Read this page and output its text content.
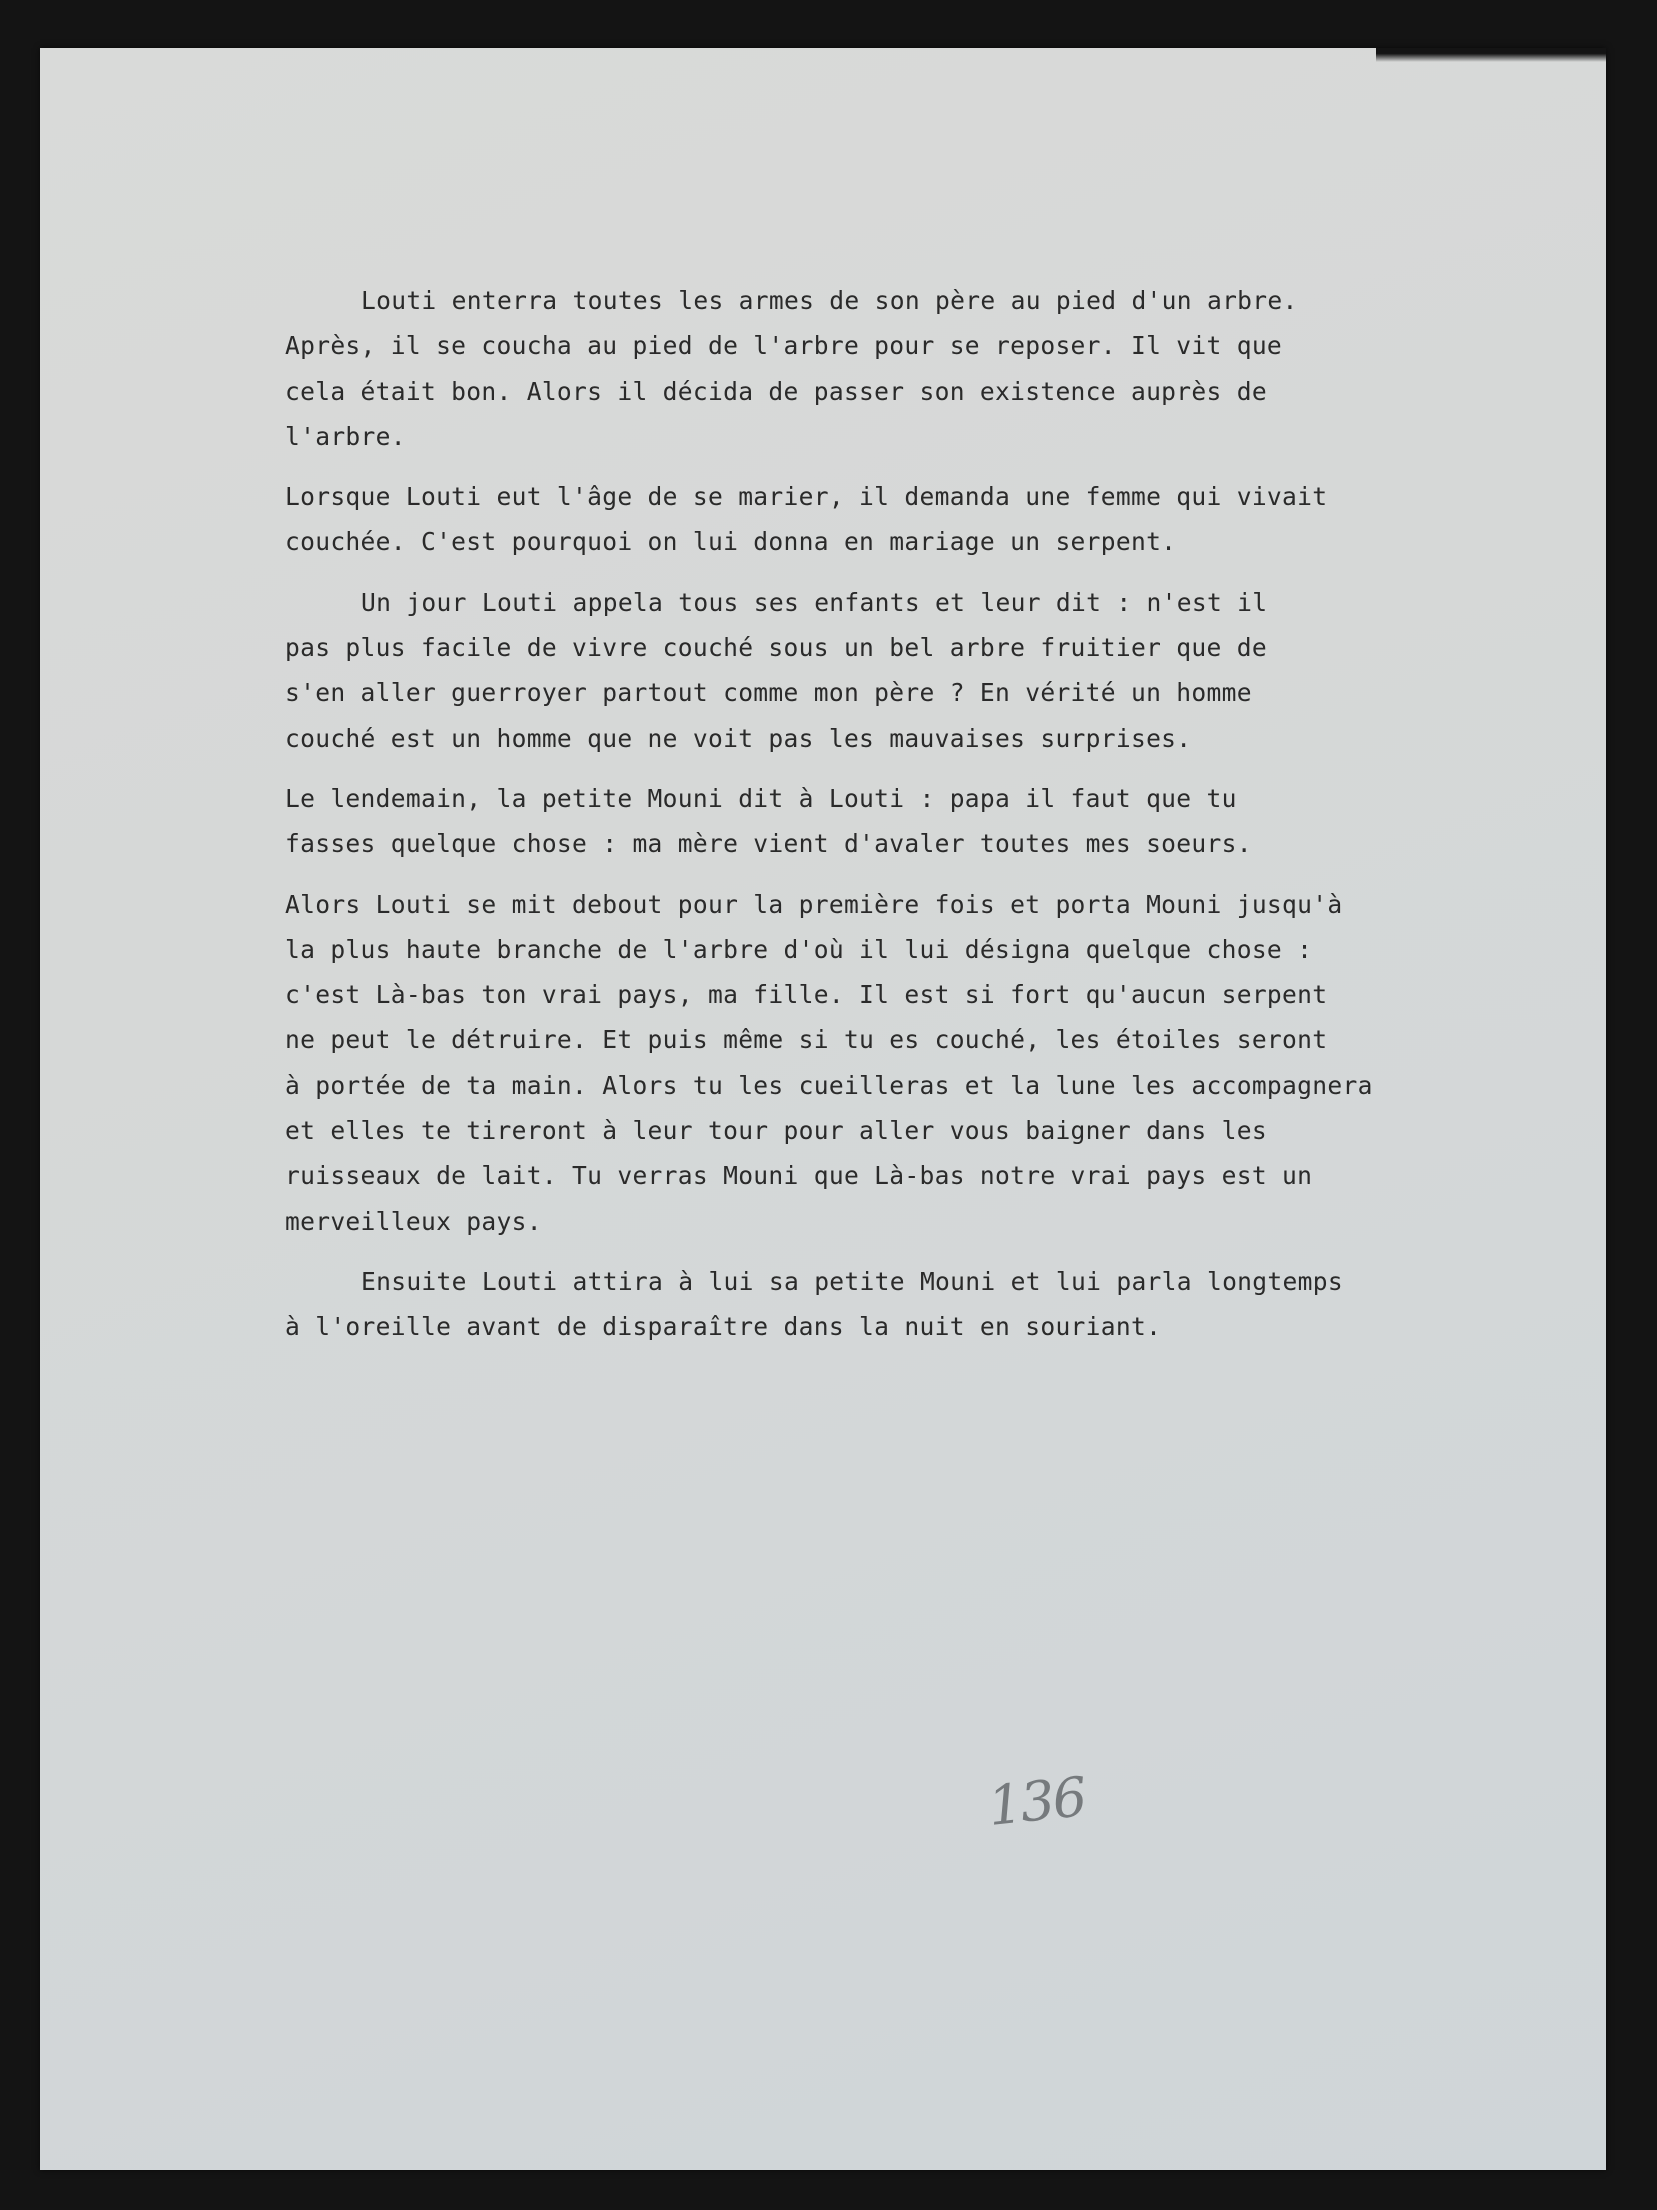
Louti enterra toutes les armes de son père au pied d'un arbre.
Après, il se coucha au pied de l'arbre pour se reposer. Il vit que
cela était bon. Alors il décida de passer son existence auprès de
l'arbre.

Lorsque Louti eut l'âge de se marier, il demanda une femme qui vivait
couchée. C'est pourquoi on lui donna en mariage un serpent.

Un jour Louti appela tous ses enfants et leur dit : n'est il
pas plus facile de vivre couché sous un bel arbre fruitier que de
s'en aller guerroyer partout comme mon père ? En vérité un homme
couché est un homme que ne voit pas les mauvaises surprises.

Le lendemain, la petite Mouni dit à Louti : papa il faut que tu
fasses quelque chose : ma mère vient d'avaler toutes mes soeurs.

Alors Louti se mit debout pour la première fois et porta Mouni jusqu'à
la plus haute branche de l'arbre d'où il lui désigna quelque chose :
c'est Là-bas ton vrai pays, ma fille. Il est si fort qu'aucun serpent
ne peut le détruire. Et puis même si tu es couché, les étoiles seront
à portée de ta main. Alors tu les cueilleras et la lune les accompagnera
et elles te tireront à leur tour pour aller vous baigner dans les
ruisseaux de lait. Tu verras Mouni que Là-bas notre vrai pays est un
merveilleux pays.

Ensuite Louti attira à lui sa petite Mouni et lui parla longtemps
à l'oreille avant de disparaître dans la nuit en souriant.

136
